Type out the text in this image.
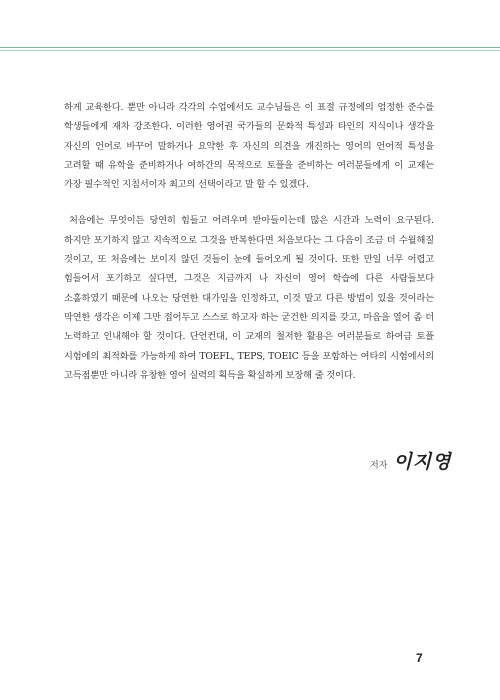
하게 교육한다. 뿐만 아니라 각각의 수업에서도 교수님들은 이 표절 규정에의 엄정한 준수를 학생들에게 재차 강조한다. 이러한 영어권 국가들의 문화적 특성과 타인의 지식이나 생각을 자신의 언어로 바꾸어 말하거나 요약한 후 자신의 의견을 개진하는 영어의 언어적 특성을 고려할 때 유학을 준비하거나 여하간의 목적으로 토플을 준비하는 여러분들에게 이 교재는 가장 필수적인 지침서이자 최고의 선택이라고 말 할 수 있겠다.

처음에는 무엇이든 당연히 힘들고 어려우며 받아들이는데 많은 시간과 노력이 요구된다. 하지만 포기하지 않고 지속적으로 그것을 반복한다면 처음보다는 그 다음이 조금 더 수월해질 것이고, 또 처음에는 보이지 않던 것들이 눈에 들어오게 될 것이다. 또한 만일 너무 어렵고 힘들어서 포기하고 싶다면, 그것은 지금까지 나 자신이 영어 학습에 다른 사람들보다 소홀하였기 때문에 나오는 당연한 대가임을 인정하고, 이것 말고 다른 방법이 있을 것이라는 막연한 생각은 이제 그만 접어두고 스스로 하고자 하는 굳건한 의지를 갖고, 마음을 열어 좀 더 노력하고 인내해야 할 것이다. 단언컨대, 이 교재의 철저한 활용은 여러분들로 하여금 토플 시험에의 최적화를 가능하게 하여 TOEFL, TEPS, TOEIC 등을 포함하는 여타의 시험에서의 고득점뿐만 아니라 유창한 영어 실력의 획득을 확실하게 보장해 줄 것이다.

저자 이지영
7
